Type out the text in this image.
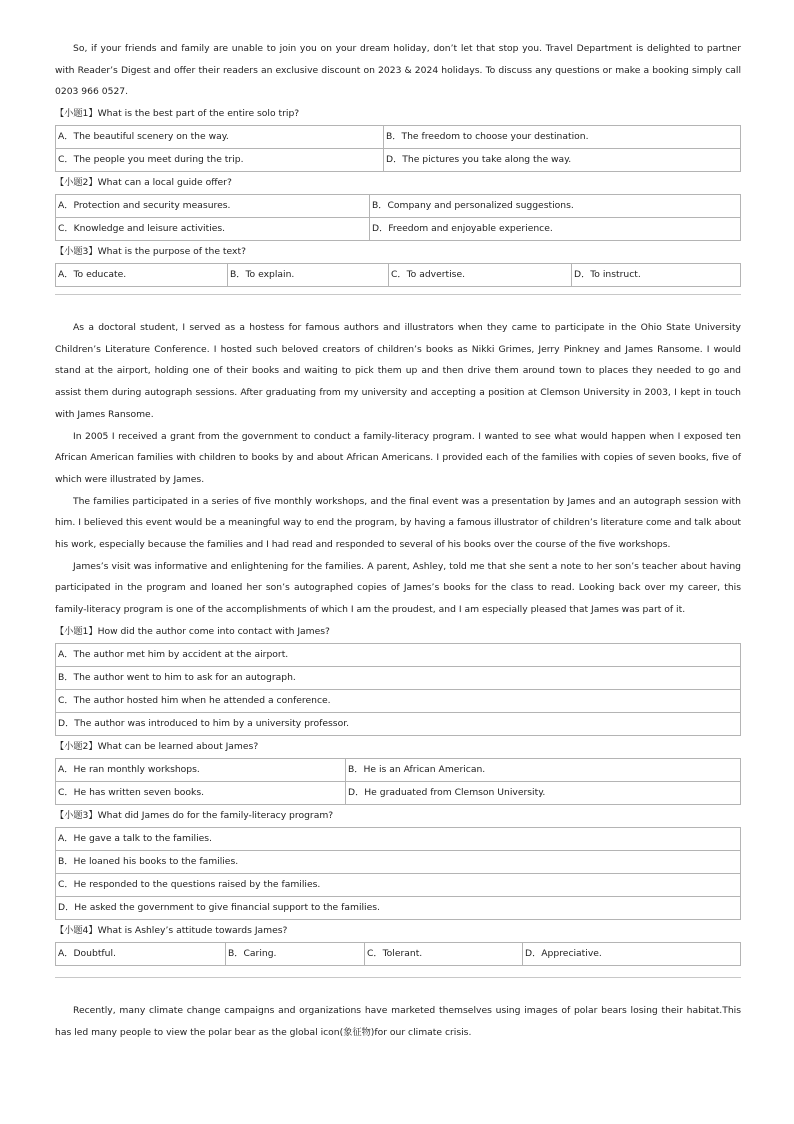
So, if your friends and family are unable to join you on your dream holiday, don’t let that stop you. Travel Department is delighted to partner with Reader’s Digest and offer their readers an exclusive discount on 2023 & 2024 holidays. To discuss any questions or make a booking simply call 0203 966 0527.

【小题1】What is the best part of the entire solo trip?
A．The beautiful scenery on the way.	B．The freedom to choose your destination.
C．The people you meet during the trip.	D．The pictures you take along the way.
【小题2】What can a local guide offer?
A．Protection and security measures.	B．Company and personalized suggestions.
C．Knowledge and leisure activities.	D．Freedom and enjoyable experience.
【小题3】What is the purpose of the text?
A．To educate.	B．To explain.	C．To advertise.	D．To instruct.

As a doctoral student, I served as a hostess for famous authors and illustrators when they came to participate in the Ohio State University Children’s Literature Conference. I hosted such beloved creators of children’s books as Nikki Grimes, Jerry Pinkney and James Ransome. I would stand at the airport, holding one of their books and waiting to pick them up and then drive them around town to places they needed to go and assist them during autograph sessions. After graduating from my university and accepting a position at Clemson University in 2003, I kept in touch with James Ransome.

In 2005 I received a grant from the government to conduct a family-literacy program. I wanted to see what would happen when I exposed ten African American families with children to books by and about African Americans. I provided each of the families with copies of seven books, five of which were illustrated by James.

The families participated in a series of five monthly workshops, and the final event was a presentation by James and an autograph session with him. I believed this event would be a meaningful way to end the program, by having a famous illustrator of children’s literature come and talk about his work, especially because the families and I had read and responded to several of his books over the course of the five workshops.

James’s visit was informative and enlightening for the families. A parent, Ashley, told me that she sent a note to her son’s teacher about having participated in the program and loaned her son’s autographed copies of James’s books for the class to read. Looking back over my career, this family-literacy program is one of the accomplishments of which I am the proudest, and I am especially pleased that James was part of it.

【小题1】How did the author come into contact with James?
A．The author met him by accident at the airport.
B．The author went to him to ask for an autograph.
C．The author hosted him when he attended a conference.
D．The author was introduced to him by a university professor.
【小题2】What can be learned about James?
A．He ran monthly workshops.	B．He is an African American.
C．He has written seven books.	D．He graduated from Clemson University.
【小题3】What did James do for the family-literacy program?
A．He gave a talk to the families.
B．He loaned his books to the families.
C．He responded to the questions raised by the families.
D．He asked the government to give financial support to the families.
【小题4】What is Ashley’s attitude towards James?
A．Doubtful.	B．Caring.	C．Tolerant.	D．Appreciative.

Recently, many climate change campaigns and organizations have marketed themselves using images of polar bears losing their habitat.This has led many people to view the polar bear as the global icon(象征物)for our climate crisis.
